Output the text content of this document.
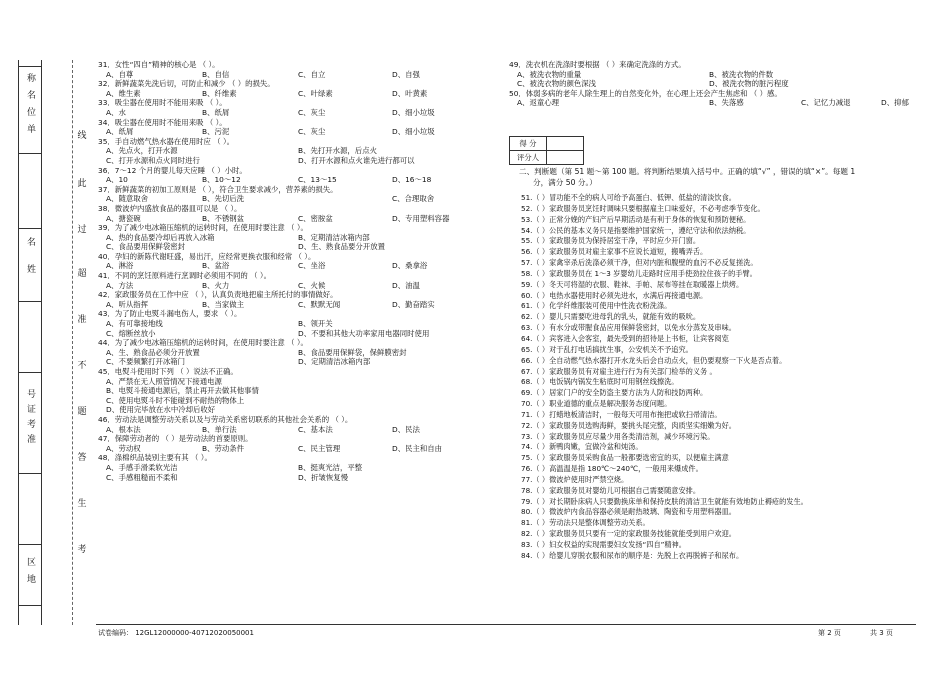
称名位单
名姓
号证考准
区地
线
此
过
超
准
不
题
答
生
考

31．女性“四自”精神的核心是 （ ）。

A、自尊	B、自信	C、自立	D、自强

32．新鲜蔬菜先洗后切，可防止和减少 （ ）的损失。

A、维生素	B、纤维素	C、叶绿素	D、叶黄素

33．吸尘器在使用时不能用来吸 （ ）。

A、水	B、纸屑	C、灰尘	D、细小垃圾

34．吸尘器在使用时不能用来吸 （ ）。

A、纸屑	B、污泥	C、灰尘	D、细小垃圾

35．手自动燃气热水器在使用时应 （ ）。

A、先点火，打开水源	B、先打开水源，后点火
C、打开水源和点火同时进行	D、打开水源和点火谁先进行都可以

36．7～12 个月的婴儿每天应睡 （ ）小时。

A、10	B、10～12	C、13～15	D、16～18

37．新鲜蔬菜的初加工原则是 （ ），符合卫生要求减少，营养素的损失。

A、随意取舍	B、先切后洗	C、合理取舍

38．微波炉内盛放食品的器皿可以是 （ ）。

A、搪瓷碗	B、不锈钢盆	C、密胺盆	D、专用塑料容器

39．为了减少电冰箱压缩机的运转时间，在使用时要注意 （ ）。

A、热的食品要冷却后再放入冰箱	B、定期清洁冰箱内部
C、食品要用保鲜袋密封	D、生、熟食品要分开放置

40．孕妇的新陈代谢旺盛，易出汗，应经常更换衣服和经常 （ ）。

A、淋浴	B、盆浴	C、坐浴	D、桑拿浴

41．不同的烹饪原料进行烹调时必须用不同的 （ ）。

A、方法	B、火力	C、火候	D、油温

42．家政服务员在工作中应 （ ），认真负责地把雇主所托付的事情做好。

A、听从指挥	B、当家做主	C、默默无闻	D、勤奋踏实

43．为了防止电熨斗漏电伤人，要求 （ ）。

A、有可靠接地线	B、领开关
C、熔断丝放小	D、不要和其他大功率家用电器同时使用

44．为了减少电冰箱压缩机的运转时间，在使用时要注意 （ ）。

A、生、熟食品必须分开放置	B、食品要用保鲜袋，保鲜膜密封
C、不要频繁打开冰箱门	D、定期清洁冰箱内部

45．电熨斗使用时下列 （ ）说法不正确。

A、严禁在无人照管情况下接通电源
B、电熨斗接通电源后，禁止再开去做其他事情
C、使用电熨斗时不能碰到不耐热的物体上
D、使用完毕放在水中冷却后收好

46．劳动法是调整劳动关系以及与劳动关系密切联系的其他社会关系的 （ ）。

A、根本法	B、单行法	C、基本法	D、民法

47．保障劳动者的 （ ）是劳动法的首要原则。

A、劳动权	B、劳动条件	C、民主管理	D、民主和自由

48．涤棉织品装别主要有其 （ ）。

A、手感手滑柔软光洁	B、挺爽光洁，平整
C、手感粗糙而不柔和	D、折皱恢复慢

49．洗衣机在洗涤时要根据 （ ）来确定洗涤的方式。

A、被洗衣物的重量	B、被洗衣物的件数
C、被洗衣物的颜色深浅	D、被洗衣物的脏污程度

50．体弱多病的老年人除生理上的自然变化外，在心理上还会产生焦虑和 （ ）感。

A、返童心理	B、失落感	C、记忆力减退	D、抑郁
得 分	
评分人	
二、判断题（第 51 题～第 100 题。将判断结果填入括号中。正确的填“√” ，错误的填“×”。每题 1
分，满分 50 分。）

51.（ ）冒功能不全的病人可给予高蛋白、低钾、低盐的清淡饮食。

52.（ ）家政服务员烹饪时调味只要根据雇主口味爱好，不必考虑季节变化。

53.（ ）正常分娩的产妇产后早期活动是有利于身体的恢复和预防便秘。

54.（ ）公民的基本义务只是指要维护国家统一，遵纪守法和依法纳税。

55.（ ）家政服务员为保持居室干净，平时应少开门窗。

56.（ ）家政服务员对雇主家事不应说长道短，搬嘴弄舌。

57.（ ）家禽宰杀后洗涤必须干净，但对内脏和腹壁的血污不必反复搓洗。

58.（ ）家政服务员在 1～3 岁婴幼儿走路时应用手使劲拉住孩子的手臂。

59.（ ）冬天可将湿的衣服、鞋袜、手帕、尿布等挂在取暖器上烘烤。

60.（ ）电热水器使用时必须先进水，水满后再接通电源。

61.（ ）化学纤维服装可使用中性洗衣粉洗涤。

62.（ ）婴儿只需要吃进母乳的乳头，就能有效的吸吮。

63.（ ）有水分或带腥食品应用保鲜袋密封，以免水分蒸发及串味。

64.（ ）宾客进入会客室，最先受到的招待是上书柜，让宾客阅览

65.（ ）对于乱打电话搞扰生事，公安机关不予追究。

66.（ ）全自动燃气热水器打开水龙头后会自动点火，但仍要观察一下火是否点着。

67.（ ）家政服务员有对雇主进行行为有关部门检举的义务 。

68.（ ）电饭锅内锅发生粘底时可用钢丝线擦洗。

69.（ ）居家门户的安全防盗主要方法为人防和技防两种。

70.（ ）职业道德的重点是解决服务态度问题。

71.（ ）打蜡地板清洁时，一般每天可用布拖把或软扫帚清洁。

72.（ ）家政服务员选购海鲜，要挑头尾完整，肉质坚实细嫩为好。

73.（ ）家政服务员应尽量少用各类清洁剂，减少环境污染。

74.（ ）新鸭肉嫩，宜做冷盆和炖汤。

75.（ ）家政服务员采购食品一般都要选密宜的买，以便雇主满意

76.（ ）高温温是指 180℃～240℃，一般用来爆成件。

77.（ ）微波炉使用时严禁空烧。

78.（ ）家政服务员对婴幼儿可根据自己需要随意安排。

79.（ ）对长期卧床病人只要勤换床单和保持皮肤的清洁卫生就能有效地防止褥疮的发生。

80.（ ）微波炉内食品容器必须是耐热玻璃、陶瓷和专用塑料器皿。

81.（ ）劳动法只是整体调整劳动关系。

82.（ ）家政服务员只要有一定的家政服务技能就能受到用户欢迎。

83.（ ）妇女权益的实现需要妇女发扬“四自”精神。

84.（ ）给婴儿穿脱衣服和尿布的顺序是：先脱上衣再脱裤子和尿布。

试卷编码： 12GL12000000-40712020050001	第 2 页	共 3 页
